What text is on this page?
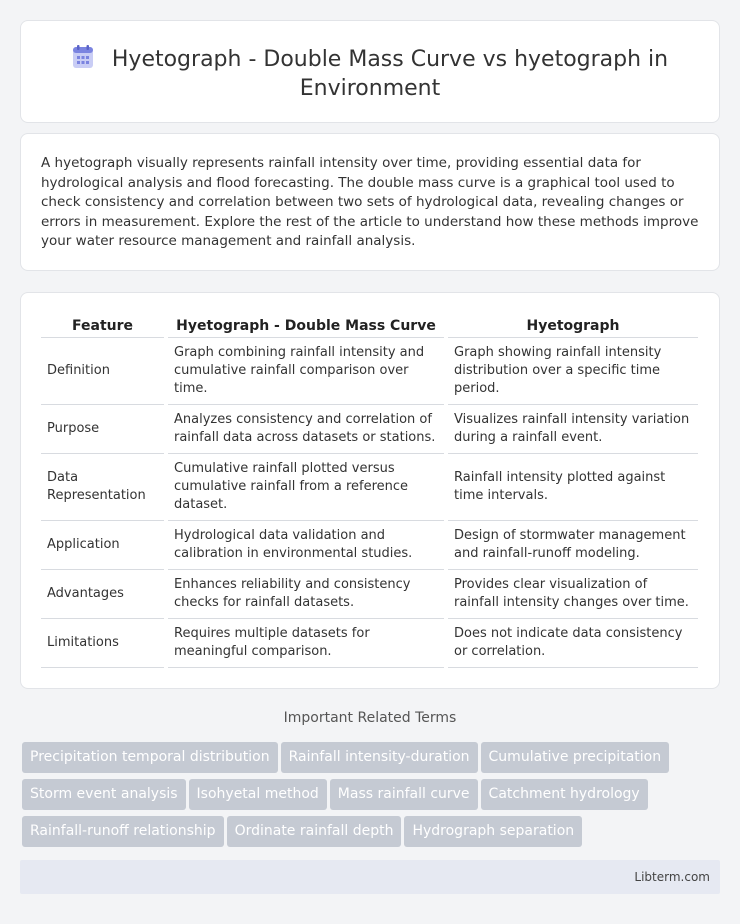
Hyetograph - Double Mass Curve vs hyetograph in
Environment

A hyetograph visually represents rainfall intensity over time, providing essential data for hydrological analysis and flood forecasting. The double mass curve is a graphical tool used to check consistency and correlation between two sets of hydrological data, revealing changes or errors in measurement. Explore the rest of the article to understand how these methods improve your water resource management and rainfall analysis.

Feature		Hyetograph - Double Mass Curve		Hyetograph
Definition		Graph combining rainfall intensity and cumulative rainfall comparison over time.		Graph showing rainfall intensity distribution over a specific time period.
Purpose		Analyzes consistency and correlation of rainfall data across datasets or stations.		Visualizes rainfall intensity variation during a rainfall event.
Data Representation		Cumulative rainfall plotted versus cumulative rainfall from a reference dataset.		Rainfall intensity plotted against time intervals.
Application		Hydrological data validation and calibration in environmental studies.		Design of stormwater management and rainfall-runoff modeling.
Advantages		Enhances reliability and consistency checks for rainfall datasets.		Provides clear visualization of rainfall intensity changes over time.
Limitations		Requires multiple datasets for meaningful comparison.		Does not indicate data consistency or correlation.
Important Related Terms
Precipitation temporal distribution Rainfall intensity-duration Cumulative precipitation
Storm event analysis Isohyetal method Mass rainfall curve Catchment hydrology
Rainfall-runoff relationship Ordinate rainfall depth Hydrograph separation
Libterm.com
